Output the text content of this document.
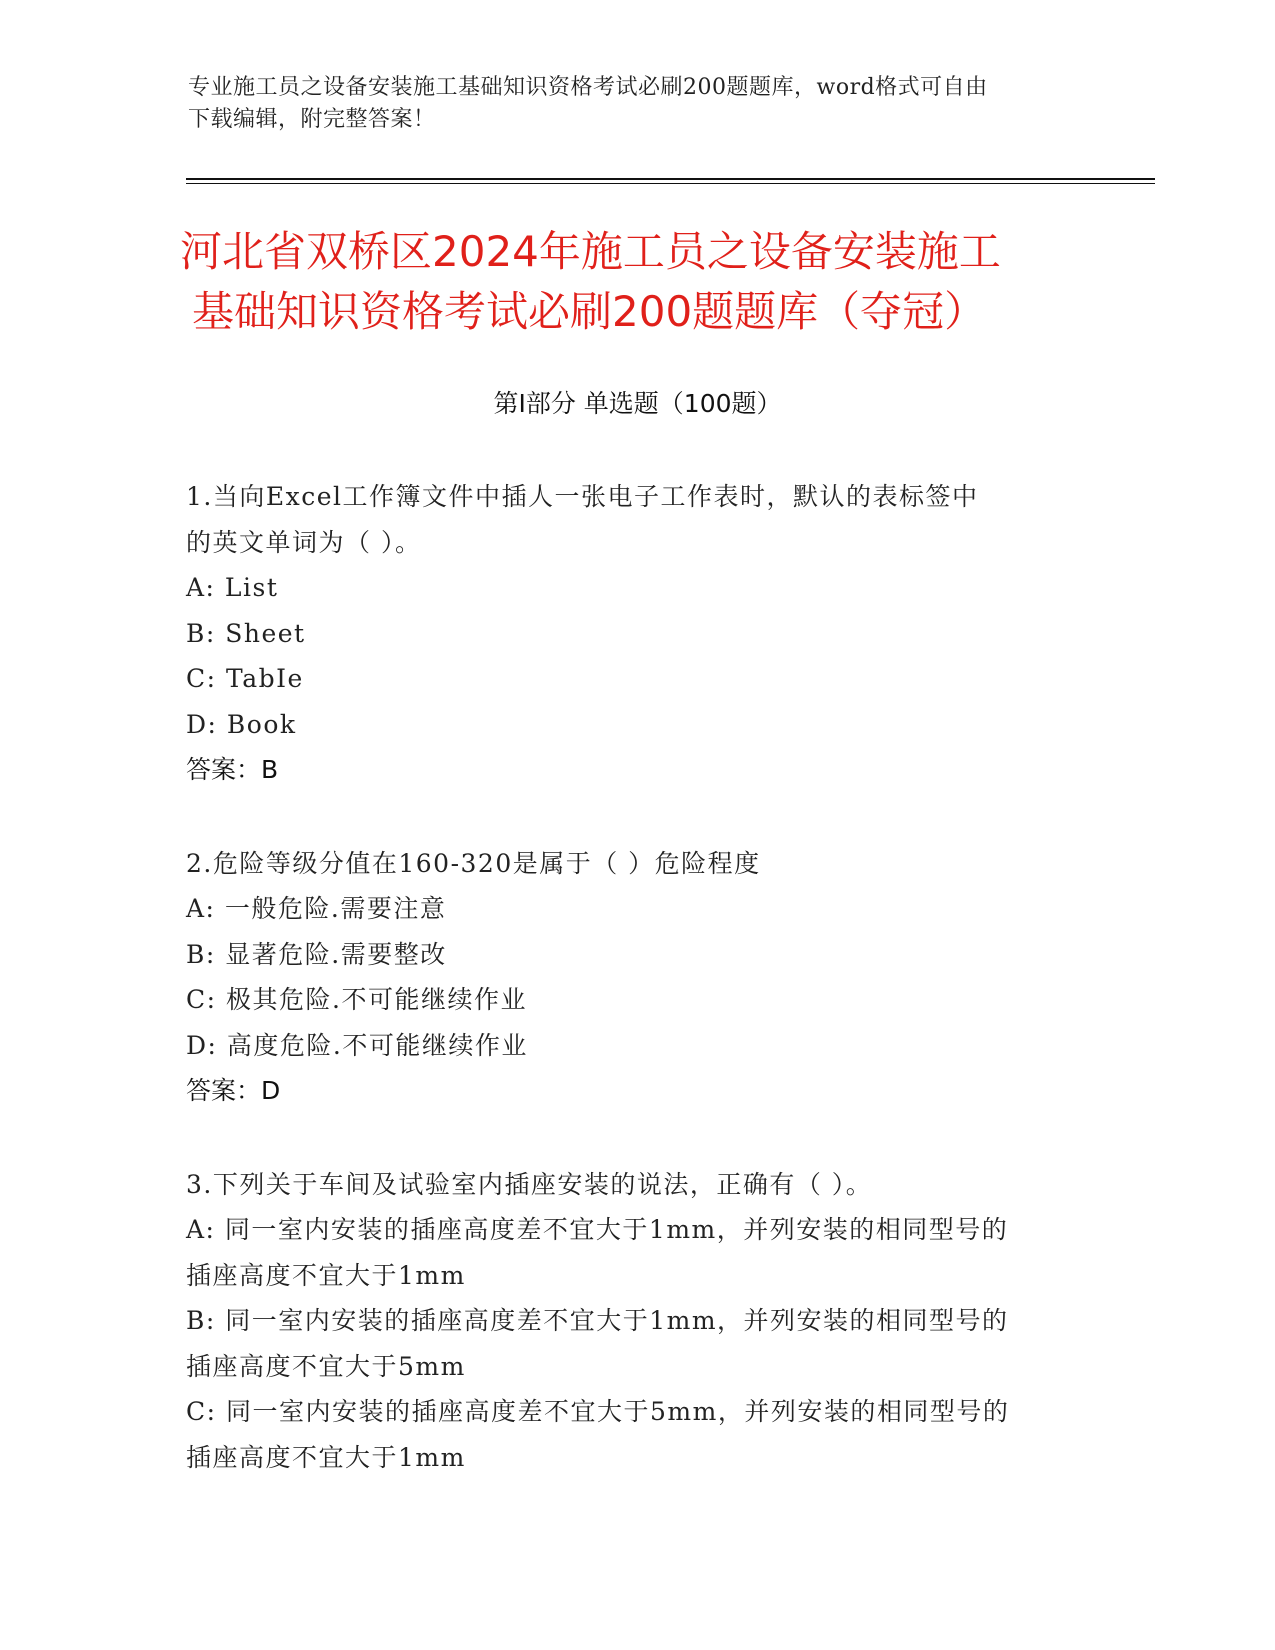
专业施工员之设备安装施工基础知识资格考试必刷200题题库，word格式可自由
下载编辑，附完整答案！
河北省双桥区2024年施工员之设备安装施工
基础知识资格考试必刷200题题库（夺冠）
第Ⅰ部分 单选题（100题）
1.当向Excel工作簿文件中插人一张电子工作表时，默认的表标签中
的英文单词为（ ）。
A: List
B: Sheet
C: TabIe
D: Book
答案：B
2.危险等级分值在160-320是属于（ ）危险程度
A: 一般危险.需要注意
B: 显著危险.需要整改
C: 极其危险.不可能继续作业
D: 高度危险.不可能继续作业
答案：D
3.下列关于车间及试验室内插座安装的说法，正确有（ ）。
A: 同一室内安装的插座高度差不宜大于1mm，并列安装的相同型号的
插座高度不宜大于1mm
B: 同一室内安装的插座高度差不宜大于1mm，并列安装的相同型号的
插座高度不宜大于5mm
C: 同一室内安装的插座高度差不宜大于5mm，并列安装的相同型号的
插座高度不宜大于1mm
